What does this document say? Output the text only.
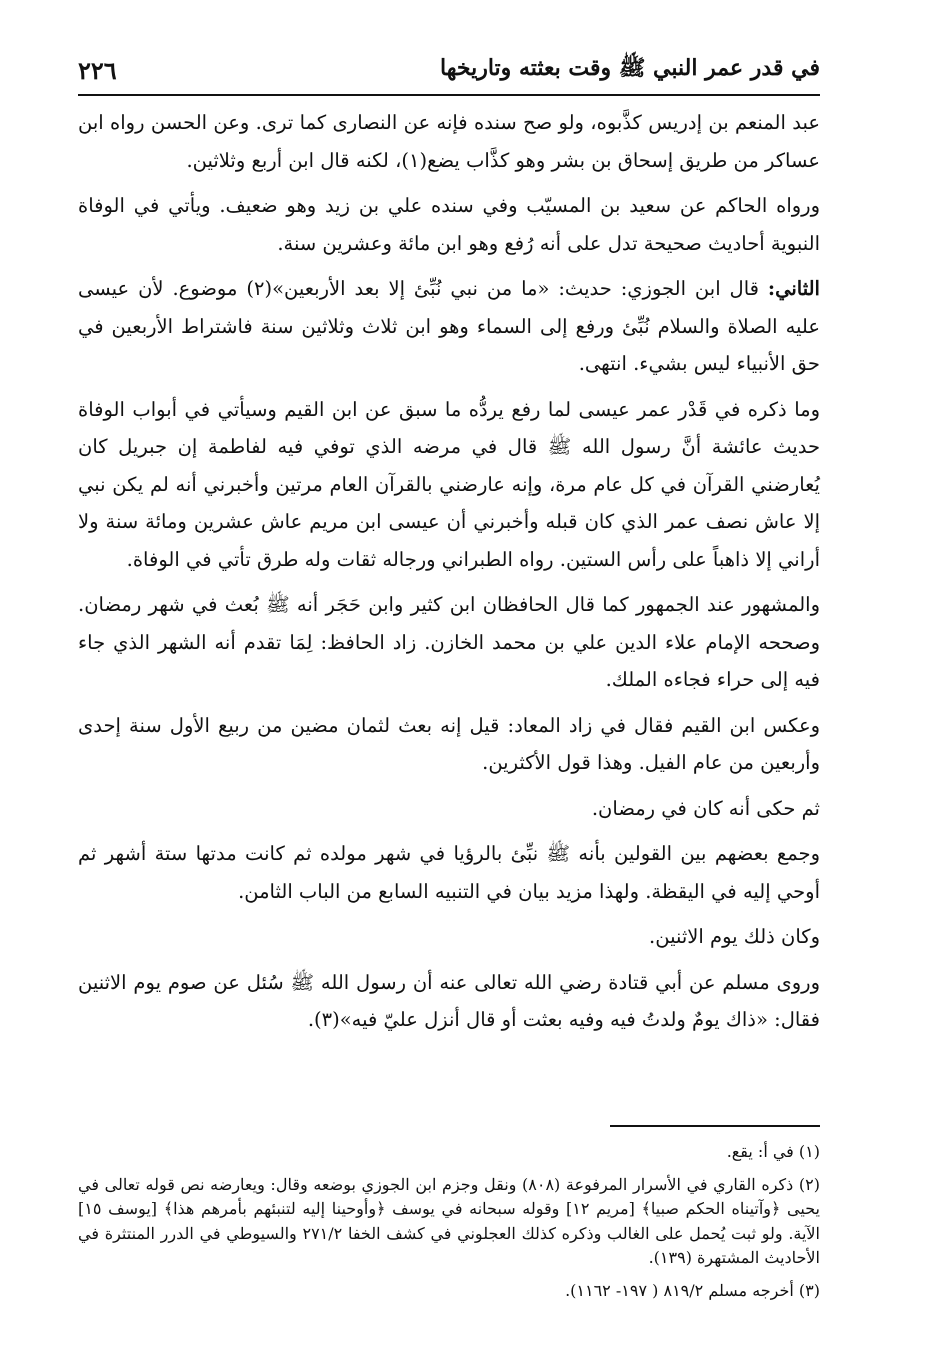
في قدر عمر النبي ﷺ وقت بعثته وتاريخها
٢٢٦

عبد المنعم بن إدريس كذَّبوه، ولو صح سنده فإنه عن النصارى كما ترى. وعن الحسن رواه ابن عساكر من طريق إسحاق بن بشر وهو كذَّاب يضع(١)، لكنه قال ابن أربع وثلاثين.

ورواه الحاكم عن سعيد بن المسيّب وفي سنده علي بن زيد وهو ضعيف. ويأتي في الوفاة النبوية أحاديث صحيحة تدل على أنه رُفع وهو ابن مائة وعشرين سنة.

الثاني: قال ابن الجوزي: حديث: «ما من نبي نُبِّئ إلا بعد الأربعين»(٢) موضوع. لأن عيسى عليه الصلاة والسلام نُبِّئ ورفع إلى السماء وهو ابن ثلاث وثلاثين سنة فاشتراط الأربعين في حق الأنبياء ليس بشيء. انتهى.

وما ذكره في قَدْر عمر عيسى لما رفع يردُّه ما سبق عن ابن القيم وسيأتي في أبواب الوفاة حديث عائشة أنَّ رسول الله ﷺ قال في مرضه الذي توفي فيه لفاطمة إن جبريل كان يُعارضني القرآن في كل عام مرة، وإنه عارضني بالقرآن العام مرتين وأخبرني أنه لم يكن نبي إلا عاش نصف عمر الذي كان قبله وأخبرني أن عيسى ابن مريم عاش عشرين ومائة سنة ولا أراني إلا ذاهباً على رأس الستين. رواه الطبراني ورجاله ثقات وله طرق تأتي في الوفاة.

والمشهور عند الجمهور كما قال الحافظان ابن كثير وابن حَجَر أنه ﷺ بُعث في شهر رمضان. وصححه الإمام علاء الدين علي بن محمد الخازن. زاد الحافظ: لِمَا تقدم أنه الشهر الذي جاء فيه إلى حراء فجاءه الملك.

وعكس ابن القيم فقال في زاد المعاد: قيل إنه بعث لثمان مضين من ربيع الأول سنة إحدى وأربعين من عام الفيل. وهذا قول الأكثرين.

ثم حكى أنه كان في رمضان.

وجمع بعضهم بين القولين بأنه ﷺ نبِّئ بالرؤيا في شهر مولده ثم كانت مدتها ستة أشهر ثم أوحي إليه في اليقظة. ولهذا مزيد بيان في التنبيه السابع من الباب الثامن.

وكان ذلك يوم الاثنين.

وروى مسلم عن أبي قتادة رضي الله تعالى عنه أن رسول الله ﷺ سُئل عن صوم يوم الاثنين فقال: «ذاك يومٌ ولدتُ فيه وفيه بعثت أو قال أنزل عليّ فيه»(٣).

(١) في أ: يقع.

(٢) ذكره القاري في الأسرار المرفوعة (٨٠٨) ونقل وجزم ابن الجوزي بوضعه وقال: ويعارضه نص قوله تعالى في يحيى ﴿وآتيناه الحكم صبيا﴾ [مريم ١٢] وقوله سبحانه في يوسف ﴿وأوحينا إليه لتنبئهم بأمرهم هذا﴾ [يوسف ١٥] الآية. ولو ثبت يُحمل على الغالب وذكره كذلك العجلوني في كشف الخفا ٢٧١/٢ والسيوطي في الدرر المنتثرة في الأحاديث المشتهرة (١٣٩).

(٣) أخرجه مسلم ٨١٩/٢ ( ١٩٧- ١١٦٢).
